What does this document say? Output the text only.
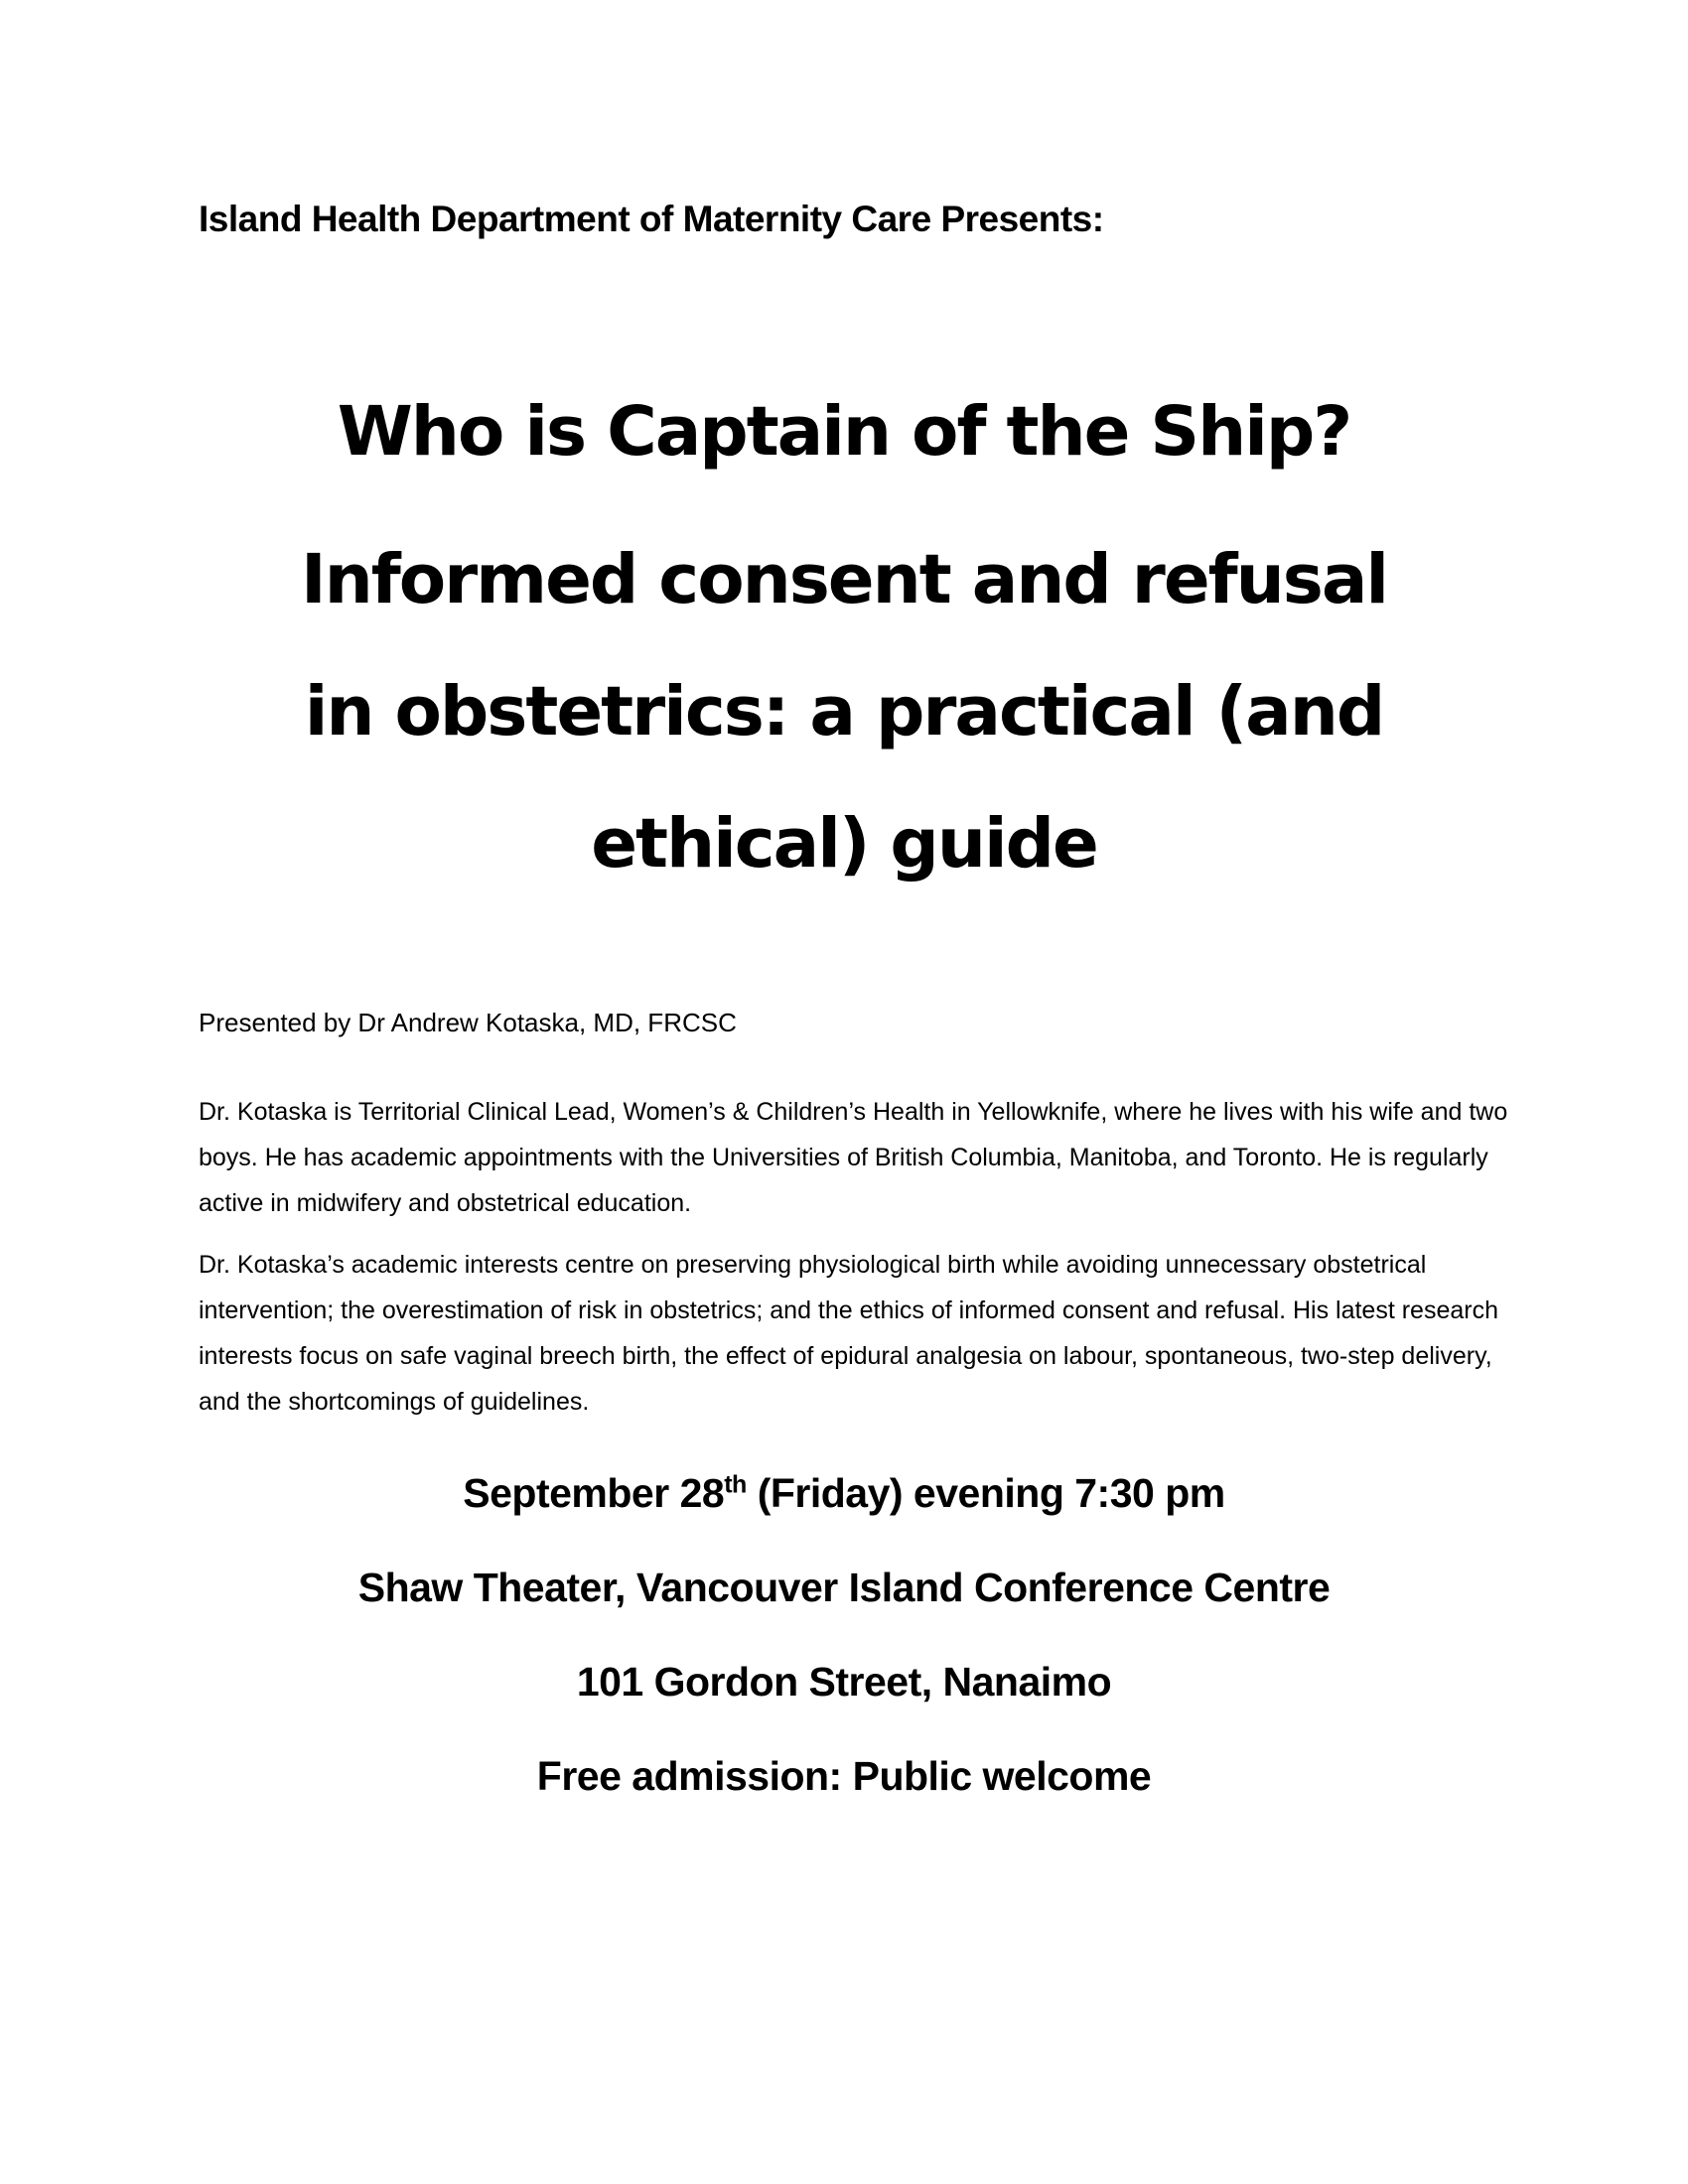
Island Health Department of Maternity Care Presents:
Who is Captain of the Ship?
Informed consent and refusal
in obstetrics: a practical (and
ethical) guide
Presented by Dr Andrew Kotaska, MD, FRCSC

Dr. Kotaska is Territorial Clinical Lead, Women’s & Children’s Health in Yellowknife, where he lives with his wife and two boys. He has academic appointments with the Universities of British Columbia, Manitoba, and Toronto. He is regularly active in midwifery and obstetrical education.

Dr. Kotaska’s academic interests centre on preserving physiological birth while avoiding unnecessary obstetrical intervention; the overestimation of risk in obstetrics; and the ethics of informed consent and refusal. His latest research interests focus on safe vaginal breech birth, the effect of epidural analgesia on labour, spontaneous, two-step delivery, and the shortcomings of guidelines.

September 28th (Friday) evening 7:30 pm
Shaw Theater, Vancouver Island Conference Centre
101 Gordon Street, Nanaimo
Free admission: Public welcome
